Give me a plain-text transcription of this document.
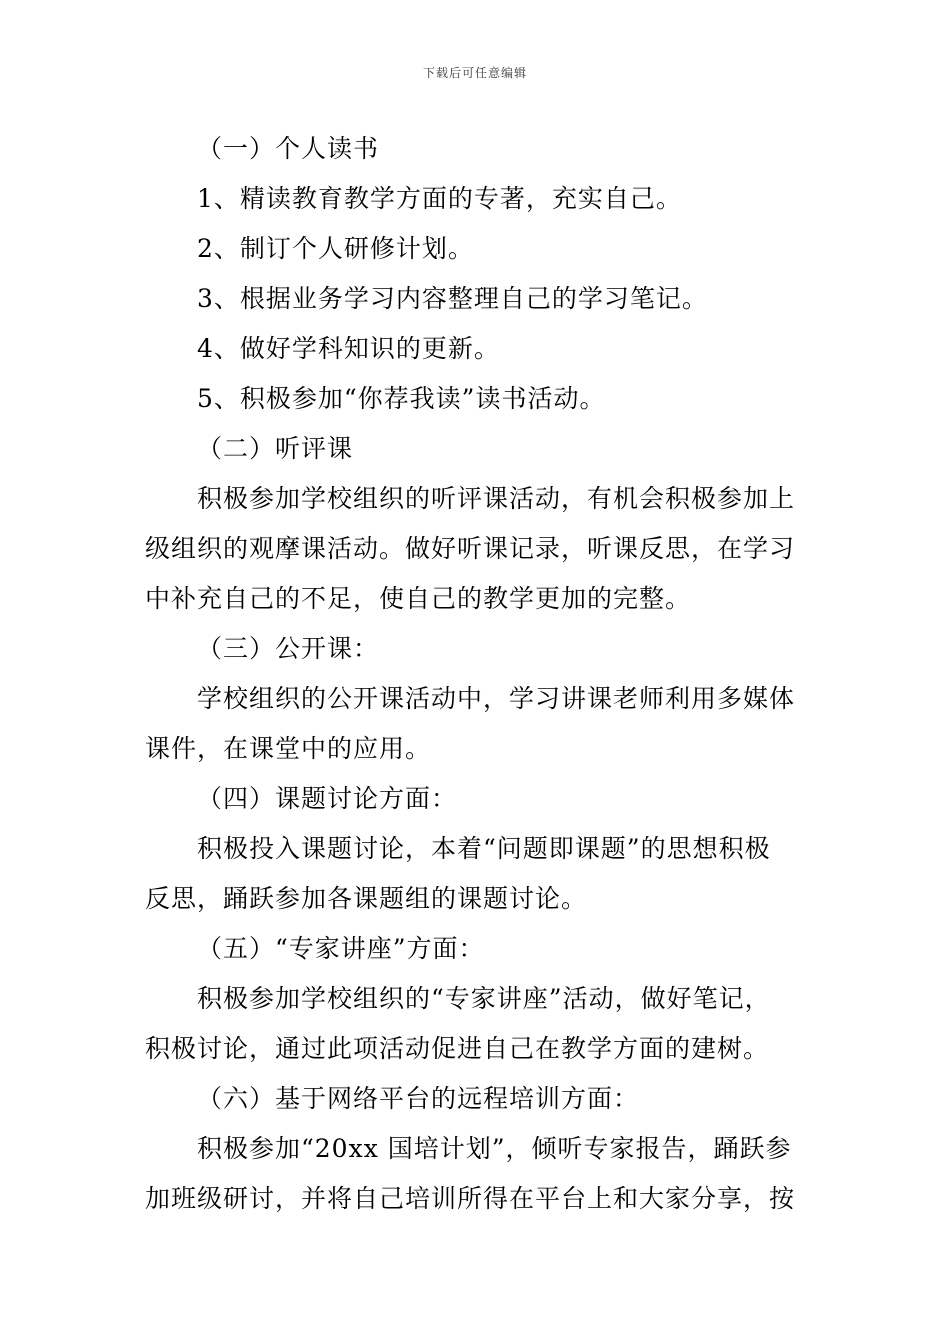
下载后可任意编辑
（一）个人读书
1、精读教育教学方面的专著，充实自己。
2、制订个人研修计划。
3、根据业务学习内容整理自己的学习笔记。
4、做好学科知识的更新。
5、积极参加“你荐我读”读书活动。
（二）听评课
积极参加学校组织的听评课活动，有机会积极参加上
级组织的观摩课活动。做好听课记录，听课反思，在学习
中补充自己的不足，使自己的教学更加的完整。
（三）公开课：
学校组织的公开课活动中，学习讲课老师利用多媒体
课件，在课堂中的应用。
（四）课题讨论方面：
积极投入课题讨论，本着“问题即课题”的思想积极
反思，踊跃参加各课题组的课题讨论。
（五）“专家讲座”方面：
积极参加学校组织的“专家讲座”活动，做好笔记，
积极讨论，通过此项活动促进自己在教学方面的建树。
（六）基于网络平台的远程培训方面：
积极参加“20xx 国培计划”，倾听专家报告，踊跃参
加班级研讨，并将自己培训所得在平台上和大家分享，按
